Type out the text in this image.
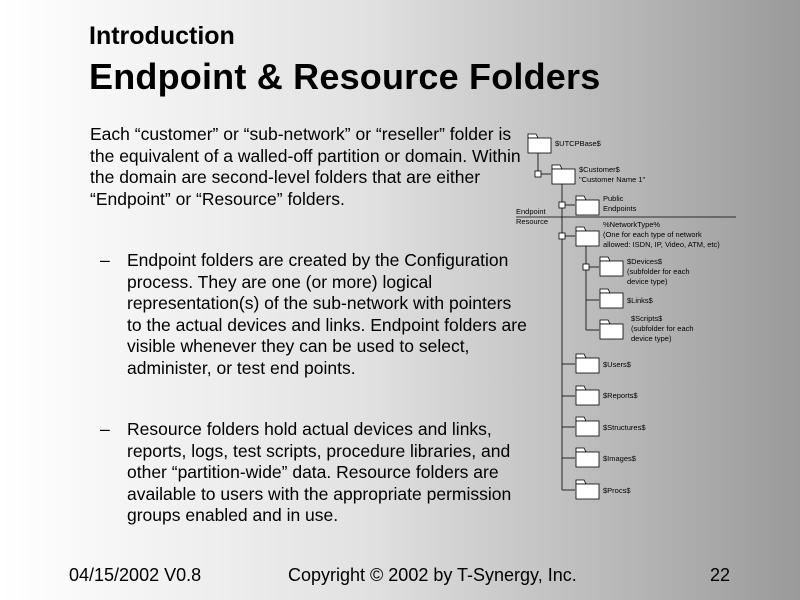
Introduction
Endpoint & Resource Folders
Each “customer” or “sub-network” or “reseller” folder is the equivalent of a walled-off partition or domain. Within the domain are second-level folders that are either “Endpoint” or “Resource” folders.
– Endpoint folders are created by the Configuration process. They are one (or more) logical representation(s) of the sub-network with pointers to the actual devices and links. Endpoint folders are visible whenever they can be used to select, administer, or test end points.
– Resource folders hold actual devices and links, reports, logs, test scripts, procedure libraries, and other “partition-wide” data. Resource folders are available to users with the appropriate permission groups enabled and in use.
Endpoint
Resource
$UTCPBase$
$Customer$
"Customer Name 1"
Public
Endpoints
%NetworkType%
(One for each type of network
allowed: ISDN, IP, Video, ATM, etc)
$Devices$
(subfolder for each
device type)
$Links$
$Scripts$
(subfolder for each
device type)
$Users$
$Reports$
$Structures$
$Images$
$Procs$
04/15/2002 V0.8	Copyright © 2002 by T-Synergy, Inc.	22
